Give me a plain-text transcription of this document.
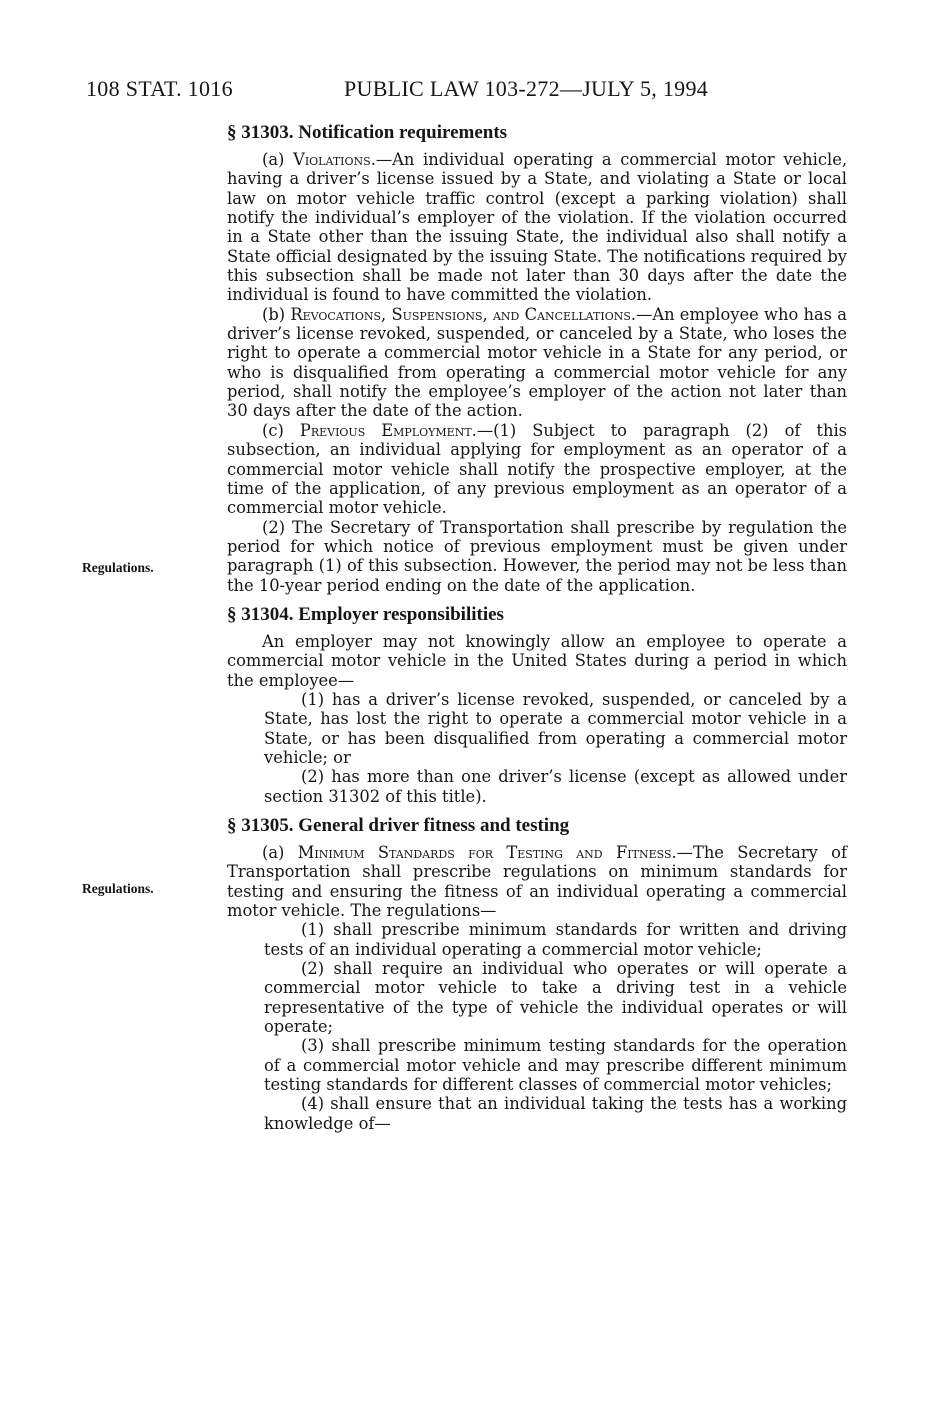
108 STAT. 1016	PUBLIC LAW 103-272—JULY 5, 1994
Regulations.
Regulations.

§ 31303. Notification requirements

(a) Violations.—An individual operating a commercial motor vehicle, having a driver’s license issued by a State, and violating a State or local law on motor vehicle traffic control (except a parking violation) shall notify the individual’s employer of the violation. If the violation occurred in a State other than the issuing State, the individual also shall notify a State official designated by the issuing State. The notifications required by this subsection shall be made not later than 30 days after the date the individual is found to have committed the violation.

(b) Revocations, Suspensions, and Cancellations.—An employee who has a driver’s license revoked, suspended, or canceled by a State, who loses the right to operate a commercial motor vehicle in a State for any period, or who is disqualified from operating a commercial motor vehicle for any period, shall notify the employee’s employer of the action not later than 30 days after the date of the action.

(c) Previous Employment.—(1) Subject to paragraph (2) of this subsection, an individual applying for employment as an operator of a commercial motor vehicle shall notify the prospective employer, at the time of the application, of any previous employment as an operator of a commercial motor vehicle.

(2) The Secretary of Transportation shall prescribe by regulation the period for which notice of previous employment must be given under paragraph (1) of this subsection. However, the period may not be less than the 10-year period ending on the date of the application.

§ 31304. Employer responsibilities

An employer may not knowingly allow an employee to operate a commercial motor vehicle in the United States during a period in which the employee—

(1) has a driver’s license revoked, suspended, or canceled by a State, has lost the right to operate a commercial motor vehicle in a State, or has been disqualified from operating a commercial motor vehicle; or

(2) has more than one driver’s license (except as allowed under section 31302 of this title).

§ 31305. General driver fitness and testing

(a) Minimum Standards for Testing and Fitness.—The Secretary of Transportation shall prescribe regulations on minimum standards for testing and ensuring the fitness of an individual operating a commercial motor vehicle. The regulations—

(1) shall prescribe minimum standards for written and driving tests of an individual operating a commercial motor vehicle;

(2) shall require an individual who operates or will operate a commercial motor vehicle to take a driving test in a vehicle representative of the type of vehicle the individual operates or will operate;

(3) shall prescribe minimum testing standards for the operation of a commercial motor vehicle and may prescribe different minimum testing standards for different classes of commercial motor vehicles;

(4) shall ensure that an individual taking the tests has a working knowledge of—
